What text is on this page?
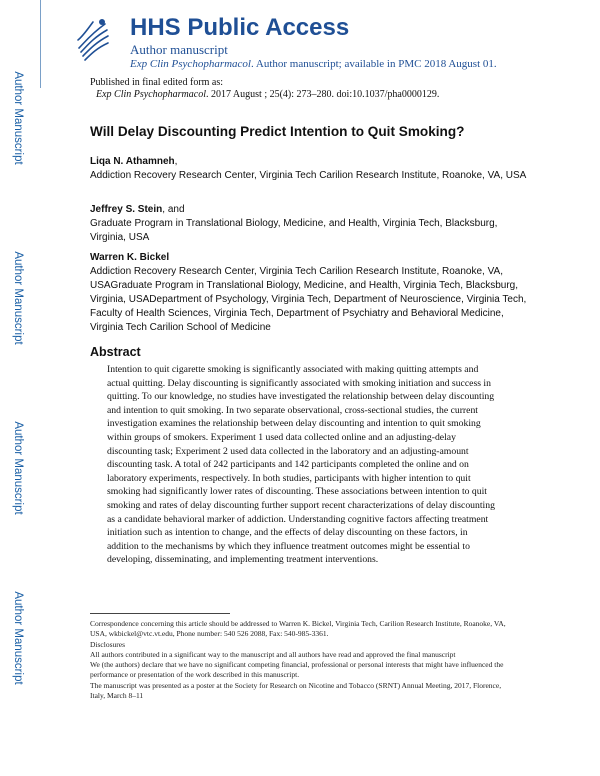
Author Manuscript
Author Manuscript
Author Manuscript
Author Manuscript
HHS Public Access
Author manuscript
Exp Clin Psychopharmacol. Author manuscript; available in PMC 2018 August 01.
Published in final edited form as:
Exp Clin Psychopharmacol. 2017 August ; 25(4): 273–280. doi:10.1037/pha0000129.
Will Delay Discounting Predict Intention to Quit Smoking?
Liqa N. Athamneh,
Addiction Recovery Research Center, Virginia Tech Carilion Research Institute, Roanoke, VA, USA
Jeffrey S. Stein, and
Graduate Program in Translational Biology, Medicine, and Health, Virginia Tech, Blacksburg, Virginia, USA
Warren K. Bickel
Addiction Recovery Research Center, Virginia Tech Carilion Research Institute, Roanoke, VA, USAGraduate Program in Translational Biology, Medicine, and Health, Virginia Tech, Blacksburg, Virginia, USADepartment of Psychology, Virginia Tech, Department of Neuroscience, Virginia Tech, Faculty of Health Sciences, Virginia Tech, Department of Psychiatry and Behavioral Medicine, Virginia Tech Carilion School of Medicine
Abstract

Intention to quit cigarette smoking is significantly associated with making quitting attempts and actual quitting. Delay discounting is significantly associated with smoking initiation and success in quitting. To our knowledge, no studies have investigated the relationship between delay discounting and intention to quit smoking. In two separate observational, cross-sectional studies, the current investigation examines the relationship between delay discounting and intention to quit smoking within groups of smokers. Experiment 1 used data collected online and an adjusting-delay discounting task; Experiment 2 used data collected in the laboratory and an adjusting-amount discounting task. A total of 242 participants and 142 participants completed the online and on laboratory experiments, respectively. In both studies, participants with higher intention to quit smoking had significantly lower rates of discounting. These associations between intention to quit smoking and rates of delay discounting further support recent characterizations of delay discounting as a candidate behavioral marker of addiction. Understanding cognitive factors affecting treatment initiation such as intention to change, and the effects of delay discounting on these factors, in addition to the mechanisms by which they influence treatment outcomes might be essential to developing, disseminating, and implementing treatment interventions.

Correspondence concerning this article should be addressed to Warren K. Bickel, Virginia Tech, Carilion Research Institute, Roanoke, VA, USA, wkbickel@vtc.vt.edu, Phone number: 540 526 2088, Fax: 540-985-3361.

Disclosures

All authors contributed in a significant way to the manuscript and all authors have read and approved the final manuscript

We (the authors) declare that we have no significant competing financial, professional or personal interests that might have influenced the performance or presentation of the work described in this manuscript.

The manuscript was presented as a poster at the Society for Research on Nicotine and Tobacco (SRNT) Annual Meeting, 2017, Florence, Italy, March 8–11
